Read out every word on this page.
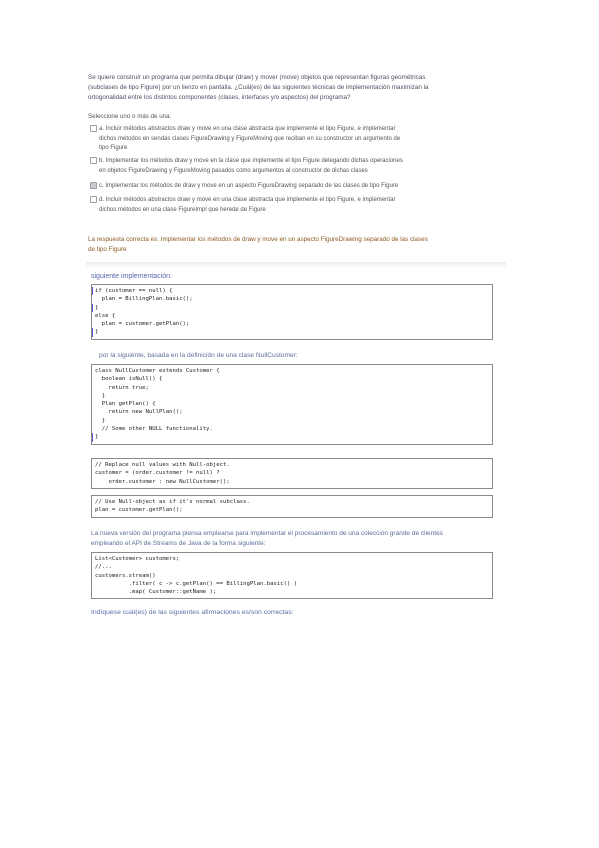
Se quiere construir un programa que permita dibujar (draw) y mover (move) objetos que representan figuras geométricas
(subclases de tipo Figure) por un lienzo en pantalla. ¿Cuál(es) de las siguientes técnicas de implementación maximizan la
ortogonalidad entre los distintos componentes (clases, interfaces y/o aspectos) del programa?
Seleccione uno o más de una:
a. Incluir métodos abstractos draw y move en una clase abstracta que implemente el tipo Figure, e implementar
dichos métodos en sendas clases FigureDrawing y FigureMoving que reciban en su constructor un argumento de
tipo Figure
b. Implementar los métodos draw y move en la clase que implemente el tipo Figure delegando dichas operaciones
en objetos FigureDrawing y FigureMoving pasados como argumentos al constructor de dichas clases
c. Implementar los métodos de draw y move en un aspecto FigureDrawing separado de las clases de tipo Figure
d. Incluir métodos abstractos draw y move en una clase abstracta que implemente el tipo Figure, e implementar
dichos métodos en una clase FigureImpl que herede de Figure
La respuesta correcta es: Implementar los métodos de draw y move en un aspecto FigureDrawing separado de las clases
de tipo Figure
siguiente implementación:
if (customer == null) {
plan = BillingPlan.basic();
}
else {
plan = customer.getPlan();
}
por la siguiente, basada en la definición de una clase NullCustomer:
class NullCustomer extends Customer {
boolean isNull() {
return true;
}
Plan getPlan() {
return new NullPlan();
}
// Some other NULL functionality.
}
// Replace null values with Null-object.
customer = (order.customer != null) ?
order.customer : new NullCustomer();
// Use Null-object as if it's normal subclass.
plan = customer.getPlan();
La nueva versión del programa piensa emplearse para implementar el procesamiento de una colección grande de clientes
empleando el API de Streams de Java de la forma siguiente:
List<Customer> customers;
//...
customers.stream()
.filter( c -> c.getPlan() == BillingPlan.basic() )
.map( Customer::getName );
Indíquese cuál(es) de las siguientes afirmaciones es/son correctas:
